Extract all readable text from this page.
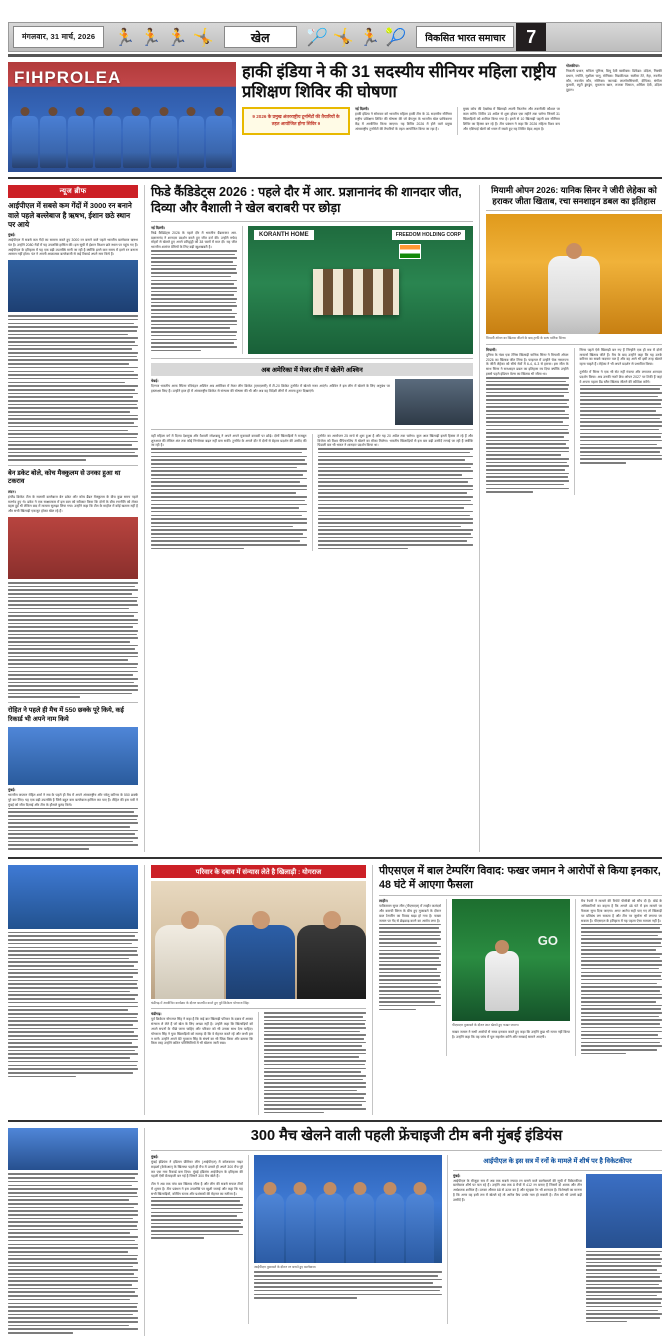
मंगलवार, 31 मार्च, 2026	🏃 🏃 🏃 🤸	खेल	🏸 🤸 🏃 🎾	विकसित भारत समाचार	7
FIHPROLEA	हाकी इंडिया ने की 31 सदस्यीय सीनियर महिला राष्ट्रीय प्रशिक्षण शिविर की घोषणा
9 2026 के प्रमुख अंतरराष्ट्रीय टूर्नामेंटों की तैयारियों के तहत आयोजित होगा शिविर 9
नई दिल्ली।
हाकी इंडिया ने सोमवार को भारतीय महिला हाकी टीम के 31 सदस्यीय सीनियर राष्ट्रीय प्रशिक्षण शिविर की घोषणा की जो बेंगलुरु के भारतीय खेल प्राधिकरण केंद्र में आयोजित किया जाएगा। यह शिविर 2026 में होने वाले प्रमुख अंतरराष्ट्रीय टूर्नामेंटों की तैयारियों के तहत आयोजित किया जा रहा है।
मुख्य कोच की देखरेख में खिलाड़ी अपनी फिटनेस और तकनीकी कौशल पर काम करेंगे। शिविर 15 अप्रैल से शुरू होकर एक महीने तक चलेगा जिसमें 31 खिलाड़ियों को शामिल किया गया है। इनमें से 10 खिलाड़ी पहली बार सीनियर शिविर का हिस्सा बन रहे हैं। टीम प्रबंधन ने कहा कि 2026 महिला विश्व कप और एशियाई खेलों को ध्यान में रखते हुए यह शिविर बेहद अहम है।
गोलकीपर:
निकली प्रधान, सविता पूनिया, बिचू देवी खारीबम। डिफेंडर: उदिता, निक्की प्रधान, ज्योति, सुशीला चानू, मोनिका। मिडफील्डर: सलीमा टेटे, नेहा, नवनीत कौर, नवजोत कौर, सोनिका। फारवर्ड: लालरेमसियामी, दीपिका, संगीता कुमारी, ब्यूटी डुंगडुंग, मुमताज खान, रूतजा पिसाल, शर्मिला देवी, उदिता दुहान।
न्यूज ब्रीफ
आईपीएल में सबसे कम गेंदों में 3000 रन बनाने वाले पहले बल्लेबाज है ऋषभ, ईशान छठे स्थान पर आये
मुंबई।
आईपीएल में सबसे कम गेंदों का सामना करते हुए 3000 रन बनाने वाले पहले भारतीय बल्लेबाज ऋषभ पंत है। उन्होंने 2080 गेंदों में यह उपलब्धि हासिल की। इस सूची में ईशान किशन छठे स्थान पर पहुंच गए हैं। आईपीएल के इतिहास में यह एक बड़ी उपलब्धि मानी जा रही है क्योंकि इतने कम समय में इतने रन बनाना आसान नहीं होता। पंत ने अपनी आक्रामक बल्लेबाजी से कई रिकार्ड अपने नाम किये हैं।
बेन डकेट बोले, कोच मैक्कुलम से उनका हुआ था टकराव
लंदन।
इंग्लैंड क्रिकेट टीम के सलामी बल्लेबाज बेन डकेट और कोच ब्रैंडन मैक्कुलम के बीच कुछ समय पहले मतभेद हुए थे। डकेट ने एक साक्षात्कार में इस बात को स्वीकार किया कि दोनों के बीच रणनीति को लेकर बहस हुई थी लेकिन बाद में मामला सुलझा लिया गया। उन्होंने कहा कि टीम के माहौल में कोई खटास नहीं है और सभी खिलाड़ी एकजुट होकर खेल रहे हैं।
रोहित ने पहले ही मैच में 550 छक्के पूरे किये, कई रिकार्ड भी अपने नाम किये
मुंबई।
भारतीय कप्तान रोहित शर्मा ने सत्र के पहले ही मैच में अपने अंतरराष्ट्रीय और घरेलू करियर के 550 छक्के पूरे कर लिए। यह एक बड़ी उपलब्धि है जिसे बहुत कम बल्लेबाज हासिल कर पाए हैं। रोहित की इस पारी ने मुंबई को जीत दिलाई और टीम के हौसले बुलंद किये।
फिडे कैंडिडेट्स 2026 : पहले दौर में आर. प्रज्ञानानंद की शानदार जीत, दिव्या और वैशाली ने खेल बराबरी पर छोड़ा
नई दिल्ली।
फिडे कैंडिडेट्स 2026 के पहले दौर में भारतीय ग्रैंडमास्टर आर. प्रज्ञानानंद ने शानदार प्रदर्शन करते हुए जीत दर्ज की। उन्होंने सफेद मोहरों से खेलते हुए अपने प्रतिद्वंद्वी को 38 चालों में मात दी। यह जीत भारतीय शतरंज प्रेमियों के लिए बड़ी खुशखबरी है।
KORANTH HOME	FREEDOM HOLDING CORP
अब अमेरिका में मेजर लीग में खेलेंगे अश्विन
चेन्नई।
दिग्गज भारतीय आफ स्पिनर रविचंद्रन अश्विन अब अमेरिका में मेजर लीग क्रिकेट (एमएलसी) में टी-20 क्रिकेट टूर्नामेंट में खेलते नजर आएंगे। अश्विन ने इस लीग में खेलने के लिए अनुबंध पर हस्ताक्षर किए हैं। उन्होंने हाल ही में अंतरराष्ट्रीय क्रिकेट से संन्यास की घोषणा की थी और अब वह विदेशी लीगों में अपना हुनर दिखाएंगे।
वहीं महिला वर्ग में दिव्या देशमुख और वैशाली रमेशबाबू ने अपने अपने मुकाबले बराबरी पर छोड़े। दोनों खिलाड़ियों ने मजबूत शुरुआत की लेकिन अंत तक कोई निर्णायक बढ़त नहीं बना सकीं। टूर्नामेंट के अगले दौर में दोनों से बेहतर प्रदर्शन की उम्मीद की जा रही है।
टूर्नामेंट का आयोजन 25 मार्च से शुरू हुआ है और यह 20 अप्रैल तक चलेगा। कुल आठ खिलाड़ी इसमें हिस्सा ले रहे हैं और विजेता को विश्व चैंपियनशिप में खेलने का मौका मिलेगा। भारतीय खिलाड़ियों से इस बार बड़ी उम्मीदें लगाई जा रही हैं क्योंकि पिछली बार भी भारत ने शानदार प्रदर्शन किया था।
मियामी ओपन 2026: यानिक सिनर ने जीरी लेहेका को हराकर जीता खिताब, रचा सनशाइन डबल का इतिहास
मियामी ओपन का खिताब जीतने के बाद ट्राफी के साथ यानिक सिनर।
मियामी।
दुनिया के नंबर एक टेनिस खिलाड़ी यानिक सिनर ने मियामी ओपन 2026 का खिताब जीत लिया है। फाइनल में उन्होंने चेक गणराज्य के जीरी लेहेका को सीधे सेटों में 6-4, 6-3 से हराया। इस जीत के साथ सिनर ने सनशाइन डबल का इतिहास रच दिया क्योंकि उन्होंने इससे पहले इंडियन वेल्स का खिताब भी जीता था।
सिनर पहले ऐसे खिलाड़ी बन गए हैं जिन्होंने एक ही सत्र में दोनों मास्टर्स खिताब जीते हैं। मैच के बाद उन्होंने कहा कि यह उनके करियर का सबसे यादगार पल है और वह आगे भी इसी तरह खेलते रहना चाहते हैं। लेहेका ने भी अपने प्रदर्शन से प्रभावित किया।
टूर्नामेंट में सिनर ने एक भी सेट नहीं गंवाया और लगातार शानदार प्रदर्शन किया। अब उनकी नजरें फ्रेंच ओपन 2027 पर टिकी हैं जहां वे अपना पहला ग्रैंड स्लैम खिताब जीतने की कोशिश करेंगे।
परिवार के दबाव में संन्यास लेते है खिलाड़ी : योगराज
चंडीगढ़ में आयोजित कार्यक्रम के दौरान बातचीत करते हुए पूर्व क्रिकेटर योगराज सिंह।
चंडीगढ़।
पूर्व क्रिकेटर योगराज सिंह ने कहा है कि कई बार खिलाड़ी परिवार के दबाव में आकर संन्यास ले लेते हैं जो खेल के लिए अच्छा नहीं है। उन्होंने कहा कि खिलाड़ियों को अपने सपनों के पीछे जाना चाहिए और परिवार को भी उनका साथ देना चाहिए। योगराज सिंह ने युवा खिलाड़ियों को सलाह दी कि वे मेहनत करते रहें और कभी हार न मानें। उन्होंने अपने बेटे युवराज सिंह के संघर्ष का भी जिक्र किया और बताया कि किस तरह उन्होंने कठिन परिस्थितियों में भी खेलना जारी रखा।
पीएसएल में बाल टेम्परिंग विवाद: फखर जमान ने आरोपों से किया इनकार, 48 घंटे में आएगा फैसला
लाहौर।
पाकिस्तान सुपर लीग (पीएसएल) में लाहौर कलंदर्स और कराची किंग्स के बीच हुए मुकाबले के दौरान बाल टेम्परिंग का विवाद खड़ा हो गया है। फखर जमान पर गेंद से छेड़छाड़ करने का आरोप लगा है।
GO
पीएसएल मुकाबले के दौरान शाट खेलते हुए फखर जमान।
फखर जमान ने सभी आरोपों से साफ इनकार करते हुए कहा कि उन्होंने कुछ भी गलत नहीं किया है। उन्होंने कहा कि वह जांच में पूरा सहयोग करेंगे और सच्चाई सामने आएगी।
मैच रेफरी ने मामले की रिपोर्ट पीसीबी को सौंप दी है। बोर्ड के अधिकारियों का कहना है कि अगले 48 घंटे में इस मामले पर फैसला सुना दिया जाएगा। अगर आरोप सही पाए गए तो खिलाड़ी पर प्रतिबंध लग सकता है और टीम पर जुर्माना भी लगाया जा सकता है। पीएसएल के इतिहास में यह पहला ऐसा मामला नहीं है।
300 मैच खेलने वाली पहली फ्रेंचाइजी टीम बनी मुंबई इंडियंस
मुंबई।
मुंबई इंडियंस ने इंडियन प्रीमियर लीग (आईपीएल) में कोलकाता नाइट राइडर्स (केकेआर) के खिलाफ पहले ही मैच में उतरते ही अपने 300 मैच पूरे कर एक नया रिकार्ड बना दिया। मुंबई इंडियंस आईपीएल के इतिहास की पहली ऐसी फ्रेंचाइजी बन गई है जिसने 300 मैच खेले हैं।
टीम ने अब तक पांच बार खिताब जीता है और लीग की सबसे सफल टीमों में शुमार है। टीम प्रबंधन ने इस उपलब्धि पर खुशी जताई और कहा कि यह सभी खिलाड़ियों, कोचिंग स्टाफ और प्रशंसकों की मेहनत का नतीजा है।
आईपीएल मुकाबले के दौरान रन बनाते हुए बल्लेबाज।
आईपीएल के इस सत्र में रनों के मामले में शीर्ष पर है विकेटकीपर
मुंबई।
आईपीएल के मौजूदा सत्र में अब तक सबसे ज्यादा रन बनाने वाले बल्लेबाजों की सूची में विकेटकीपर बल्लेबाज शीर्ष पर चल रहे हैं। उन्होंने अब तक 8 मैचों में 412 रन बनाए हैं जिसमें दो शतक और तीन अर्धशतक शामिल हैं। उनका औसत 68 से ऊपर का है और स्ट्राइक रेट भी शानदार है। विशेषज्ञों का मानना है कि अगर वह इसी लय में खेलते रहे तो आरेंज कैप उनके नाम हो सकती है। टीम को भी उनसे बड़ी उम्मीदें हैं।
